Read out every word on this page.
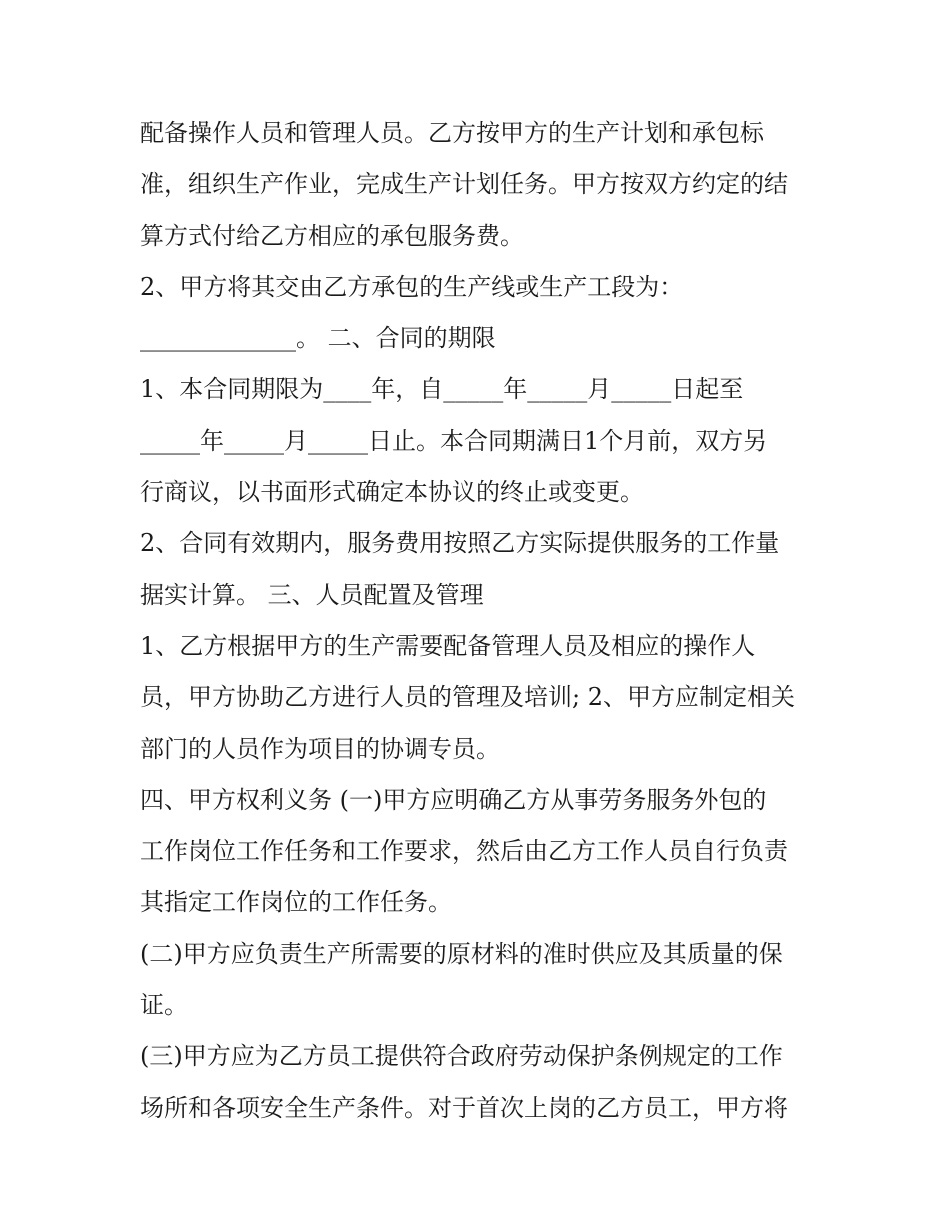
配备操作人员和管理人员。乙方按甲方的生产计划和承包标
准，组织生产作业，完成生产计划任务。甲方按双方约定的结
算方式付给乙方相应的承包服务费。
2、甲方将其交由乙方承包的生产线或生产工段为：
_____________。 二、合同的期限
1、本合同期限为____年，自_____年_____月_____日起至
_____年_____月_____日止。本合同期满日1个月前，双方另
行商议，以书面形式确定本协议的终止或变更。
2、合同有效期内，服务费用按照乙方实际提供服务的工作量
据实计算。 三、人员配置及管理
1、乙方根据甲方的生产需要配备管理人员及相应的操作人
员，甲方协助乙方进行人员的管理及培训; 2、甲方应制定相关
部门的人员作为项目的协调专员。
四、甲方权利义务 (一)甲方应明确乙方从事劳务服务外包的
工作岗位工作任务和工作要求，然后由乙方工作人员自行负责
其指定工作岗位的工作任务。
(二)甲方应负责生产所需要的原材料的准时供应及其质量的保
证。
(三)甲方应为乙方员工提供符合政府劳动保护条例规定的工作
场所和各项安全生产条件。对于首次上岗的乙方员工，甲方将
